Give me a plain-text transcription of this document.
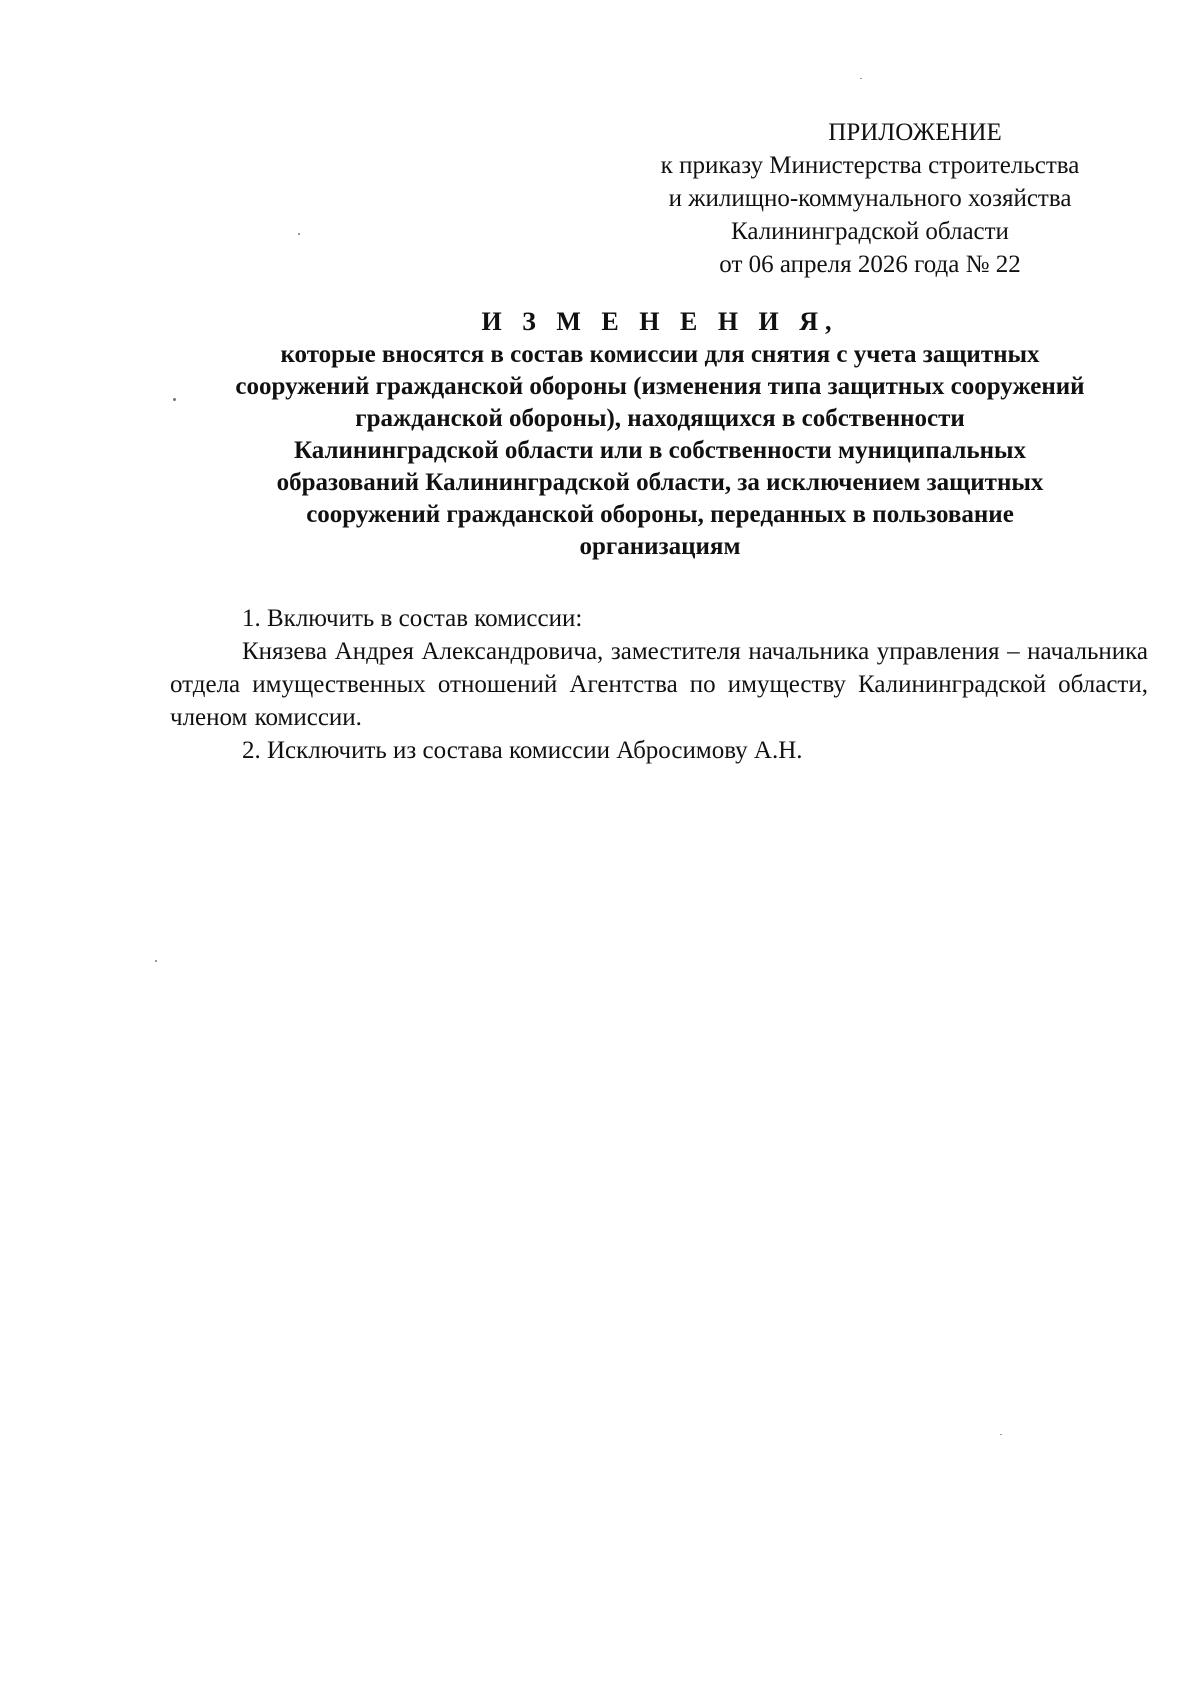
ПРИЛОЖЕНИЕ
к приказу Министерства строительства
и жилищно-коммунального хозяйства
Калининградской области
от 06 апреля 2026 года № 22
И З М Е Н Е Н И Я,
которые вносятся в состав комиссии для снятия с учета защитных
сооружений гражданской обороны (изменения типа защитных сооружений
гражданской обороны), находящихся в собственности
Калининградской области или в собственности муниципальных
образований Калининградской области, за исключением защитных
сооружений гражданской обороны, переданных в пользование
организациям
1. Включить в состав комиссии:
Князева Андрея Александровича, заместителя начальника управления – начальника отдела имущественных отношений Агентства по имуществу Калининградской области, членом комиссии.
2. Исключить из состава комиссии Абросимову А.Н.
